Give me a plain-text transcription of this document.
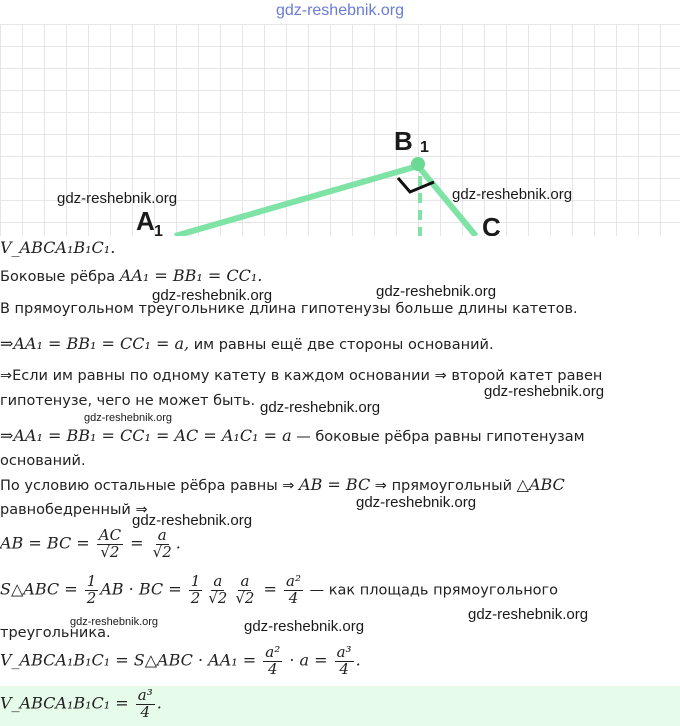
gdz-reshebnik.org
B 1
A 1	C
V_ABCA₁B₁C₁.
Боковые рёбра AA₁ = BB₁ = CC₁.
В прямоугольном треугольнике длина гипотенузы больше длины катетов.
⇒AA₁ = BB₁ = CC₁ = a, им равны ещё две стороны оснований.
⇒Если им равны по одному катету в каждом основании ⇒ второй катет равен
гипотенузе, чего не может быть.
⇒AA₁ = BB₁ = CC₁ = AC = A₁C₁ = a — боковые рёбра равны гипотенузам
оснований.
По условию остальные рёбра равны ⇒ AB = BC ⇒ прямоугольный △ABC
равнобедренный ⇒
AB = BC = $\frac{AC}{√2} = \frac{a}{√2}$ .
S△ABC = $\frac{1}{2}$ AB · BC = $\frac{1}{2} \frac{a}{√2} \frac{a}{√2} = \frac{\text{a²}}{4}$ — как площадь прямоугольного
треугольника.
V_ABCA₁B₁C₁ = S△ABC · $AA_1 = \frac{\text{a²}}{4} \cdot a = \frac{\text{a³}}{4}$ .
V_ABCA₁B₁C₁ = $\frac{\text{a³}}{4}$ .
gdz-reshebnik.org	gdz-reshebnik.org
gdz-reshebnik.org	gdz-reshebnik.org
gdz-reshebnik.org
gdz-reshebnik.org
gdz-reshebnik.org
gdz-reshebnik.org
gdz-reshebnik.org
gdz-reshebnik.org
gdz-reshebnik.org	gdz-reshebnik.org
